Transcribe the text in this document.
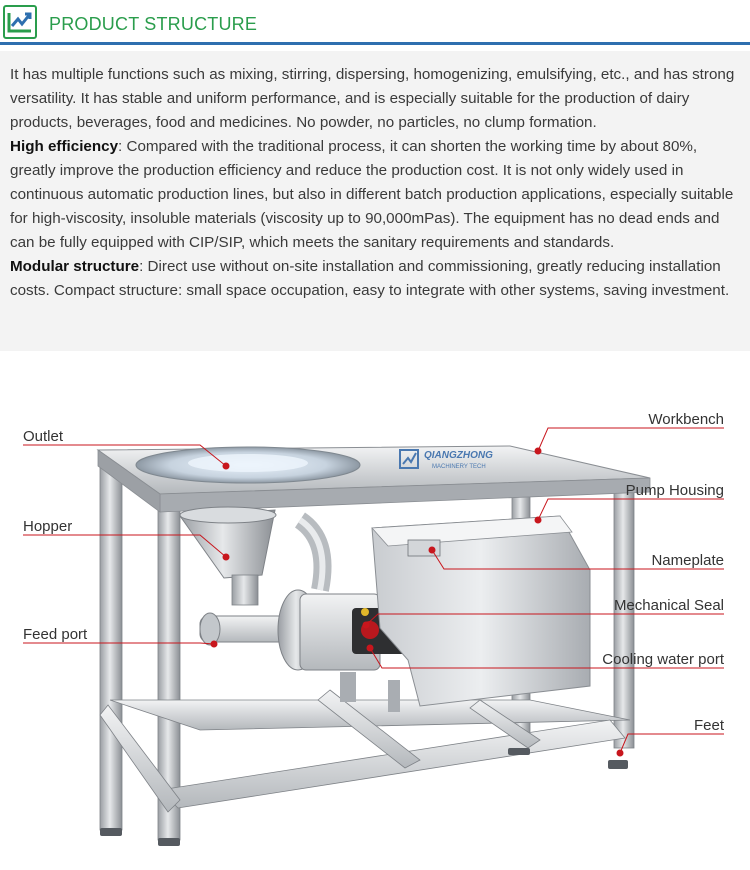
PRODUCT STRUCTURE

It has multiple functions such as mixing, stirring, dispersing, homogenizing, emulsifying, etc., and has strong versatility. It has stable and uniform performance, and is especially suitable for the production of dairy products, beverages, food and medicines. No powder, no particles, no clump formation.

High efficiency: Compared with the traditional process, it can shorten the working time by about 80%, greatly improve the production efficiency and reduce the production cost. It is not only widely used in continuous automatic production lines, but also in different batch production applications, especially suitable for high-viscosity, insoluble materials (viscosity up to 90,000mPas). The equipment has no dead ends and can be fully equipped with CIP/SIP, which meets the sanitary requirements and standards.

Modular structure: Direct use without on-site installation and commissioning, greatly reducing installation costs. Compact structure: small space occupation, easy to integrate with other systems, saving investment.

QIANGZHONG
MACHINERY TECH
Outlet
Hopper
Feed port
Workbench
Pump Housing
Nameplate
Mechanical Seal
Cooling water port
Feet
